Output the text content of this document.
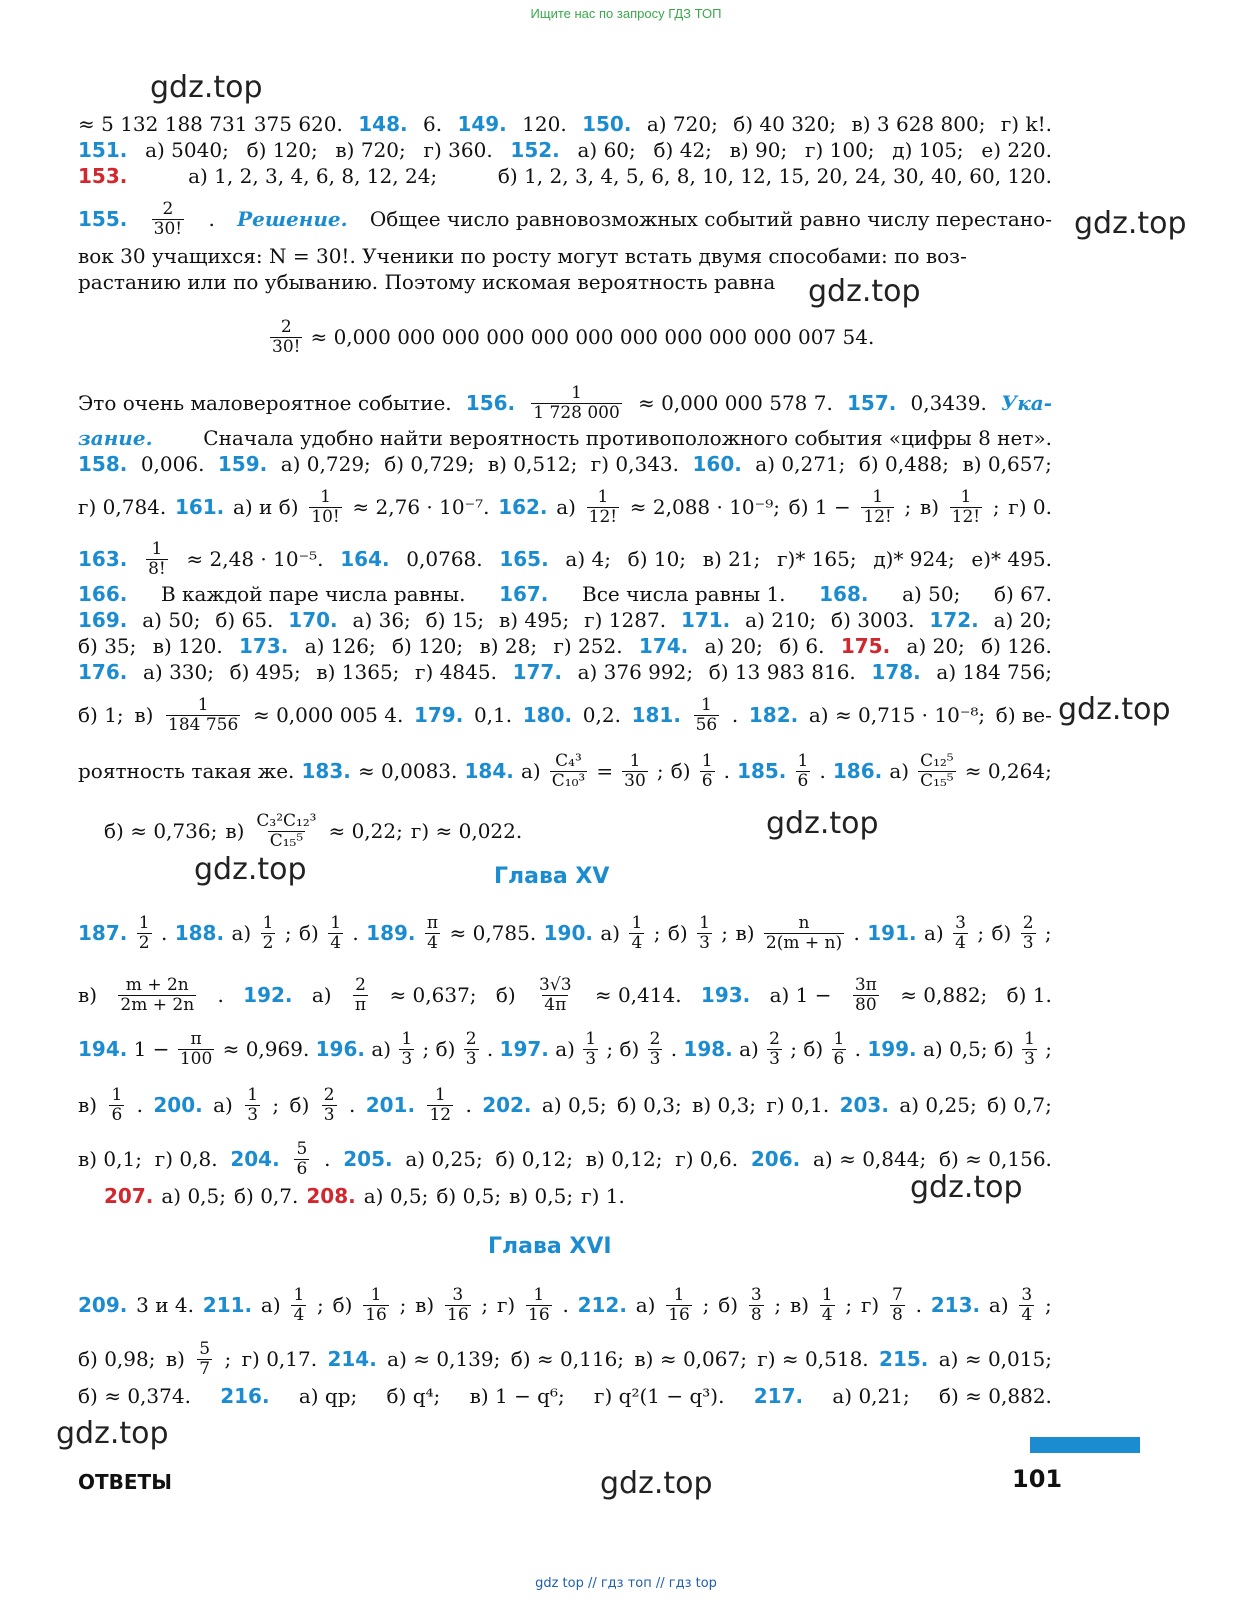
Ищите нас по запросу ГДЗ ТОП
gdz.top
gdz.top
gdz.top
gdz.top
gdz.top
gdz.top
gdz.top
gdz.top
gdz.top
≈ 5 132 188 731 375 620. 148. 6. 149. 120. 150. а) 720; б) 40 320; в) 3 628 800; г) k!.
151. а) 5040; б) 120; в) 720; г) 360. 152. а) 60; б) 42; в) 90; г) 100; д) 105; е) 220.
153.	а) 1, 2, 3, 4, 6, 8, 12, 24;	б) 1, 2, 3, 4, 5, 6, 8, 10, 12, 15, 20, 24, 30, 40, 60, 120.
155. $\frac{2}{30!}$ . Решение. Общее число равновозможных событий равно числу перестано-
вок 30 учащихся: N = 30!. Ученики по росту могут встать двумя способами: по воз-
растанию или по убыванию. Поэтому искомая вероятность равна
Это очень маловероятное событие. 156. $\frac{1}{1 728 000} \approx 0,000$ 000 578 7. 157. 0,3439. Ука-
зание.	Сначала удобно найти вероятность противоположного события «цифры 8 нет».
158. 0,006. 159. а) 0,729; б) 0,729; в) 0,512; г) 0,343. 160. а) 0,271; б) 0,488; в) 0,657;
г) 0,784. 161. а) и $б) \frac{1}{10!} \approx 2,76 \cdot 10^{-7}$. 162. $а) \frac{1}{12!} \approx 2,088 \cdot 10^{-9}$; б) $1 - \frac{1}{12!}$ ; $в) \frac{1}{12!}$ ; г) 0.
163. $\frac{1}{8!} \approx 2,48 \cdot 10^{-5}$. 164. 0,0768. 165. а) 4; б) 10; в) 21; г)* 165; д)* 924; е)* 495.
166. В каждой паре числа равны. 167. Все числа равны 1. 168. а) 50; б) 67.
169. а) 50; б) 65. 170. а) 36; б) 15; в) 495; г) 1287. 171. а) 210; б) 3003. 172. а) 20;
б) 35; в) 120. 173. а) 126; б) 120; в) 28; г) 252. 174. а) 20; б) 6. 175. а) 20; б) 126.
176. а) 330; б) 495; в) 1365; г) 4845. 177. а) 376 992; б) 13 983 816. 178. а) 184 756;
б) 1; $в) \frac{1}{184 756} \approx 0,000$ 005 4. 179. 0,1. 180. 0,2. 181. $\frac{1}{56}$ . 182. а) ≈ 0,715 · 10⁻⁸; б) ве-
роятность такая же. 183. ≈ 0,0083. 184. $а) \frac{\text{C₄³}}{\text{C₁₀³}} = \frac{1}{30}$ ; $б) \frac{1}{6}$ . 185. $\frac{1}{6}$ . 186. $а) \frac{\text{C₁₂⁵}}{\text{C₁₅⁵}} \approx 0,264$;
б) ≈ 0,736; $в) \frac{\text{C₃²C₁₂³}}{\text{C₁₅⁵}} \approx 0,22$; г) ≈ 0,022.
187. $\frac{1}{2}$ . 188. $а) \frac{1}{2}$ ; $б) \frac{1}{4}$ . 189. $\frac{\pi}{4} \approx 0,785$. 190. $а) \frac{1}{4}$ ; $б) \frac{1}{3}$ ; $в) \frac{n}{2(m + n)}$ . 191. $а) \frac{3}{4}$ ; $б) \frac{2}{3}$ ;
$в) \frac{m + 2n}{2m + 2n}$ . 192. $а) \frac{2}{\pi} \approx 0,637$; $б) \frac{3√3}{4\pi} \approx 0,414$. 193. а) $1 - \frac{3\pi}{80} \approx 0,882$; б) 1.
194. $1 - \frac{\pi}{100} \approx 0,969$. 196. $а) \frac{1}{3}$ ; $б) \frac{2}{3}$ . 197. $а) \frac{1}{3}$ ; $б) \frac{2}{3}$ . 198. $а) \frac{2}{3}$ ; $б) \frac{1}{6}$ . 199. а) 0,5; $б) \frac{1}{3}$ ;
$в) \frac{1}{6}$ . 200. $а) \frac{1}{3}$ ; $б) \frac{2}{3}$ . 201. $\frac{1}{12}$ . 202. а) 0,5; б) 0,3; в) 0,3; г) 0,1. 203. а) 0,25; б) 0,7;
в) 0,1; г) 0,8. 204. $\frac{5}{6}$ . 205. а) 0,25; б) 0,12; в) 0,12; г) 0,6. 206. а) ≈ 0,844; б) ≈ 0,156.
207. а) 0,5; б) 0,7. 208. а) 0,5; б) 0,5; в) 0,5; г) 1.
209. 3 и 4. 211. $а) \frac{1}{4}$ ; $б) \frac{1}{16}$ ; $в) \frac{3}{16}$ ; $г) \frac{1}{16}$ . 212. $а) \frac{1}{16}$ ; $б) \frac{3}{8}$ ; $в) \frac{1}{4}$ ; $г) \frac{7}{8}$ . 213. $а) \frac{3}{4}$ ;
б) 0,98; $в) \frac{5}{7}$ ; г) 0,17. 214. а) ≈ 0,139; б) ≈ 0,116; в) ≈ 0,067; г) ≈ 0,518. 215. а) ≈ 0,015;
б) ≈ 0,374. 216. а) qp; б) q⁴; в) 1 − q⁶; г) q²(1 − q³). 217. а) 0,21; б) ≈ 0,882.
$\frac{2}{30!} \approx 0,000$ 000 000 000 000 000 000 000 000 000 007 54.
Глава XV
Глава XVI
ОТВЕТЫ	101
gdz top // гдз топ // гдз top
